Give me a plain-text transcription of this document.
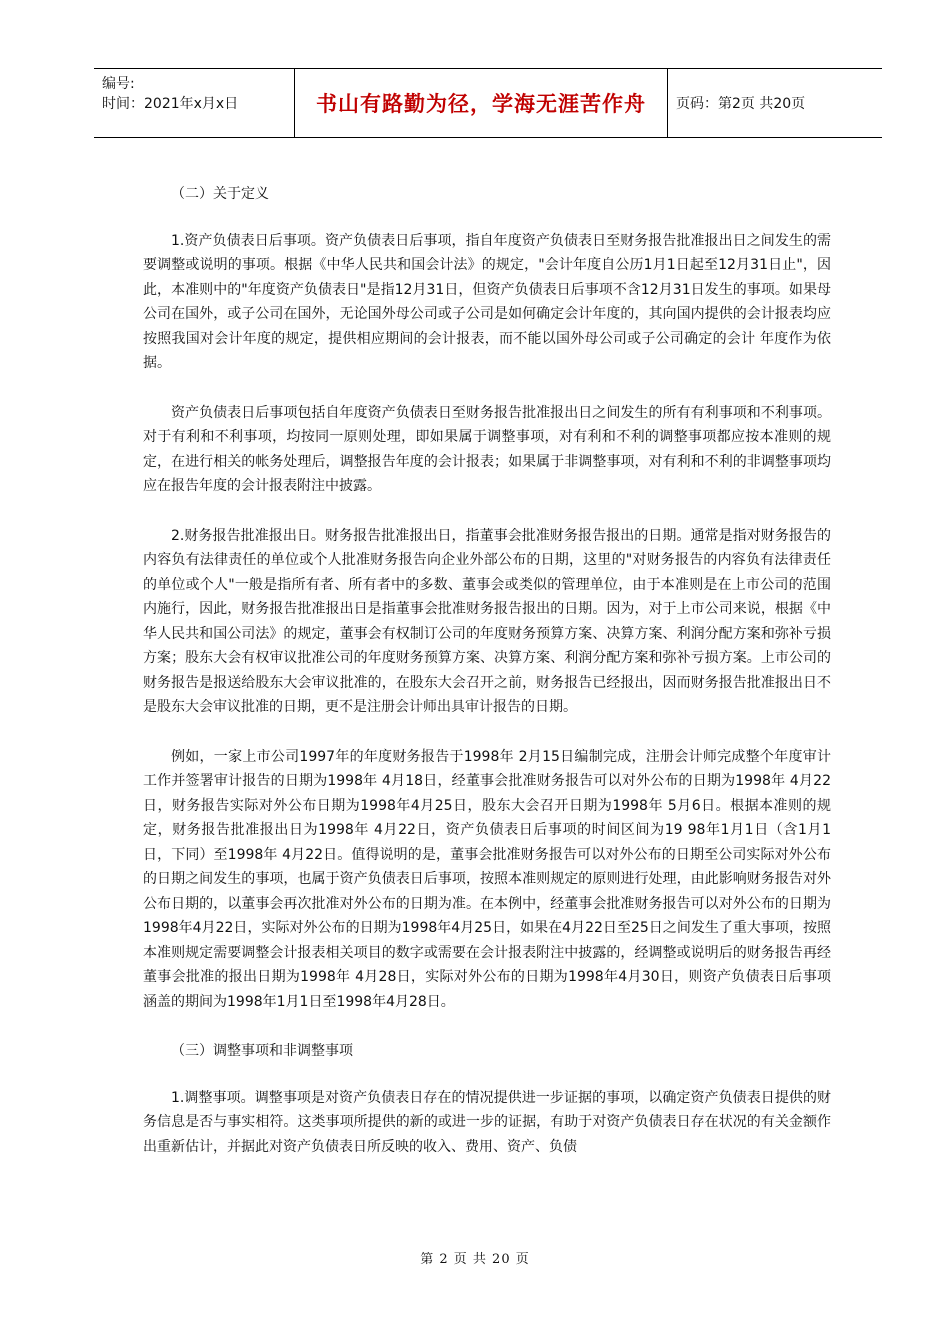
编号:
时间：2021年x月x日	书山有路勤为径，学海无涯苦作舟 页码：第2页 共20页

（二）关于定义

1.资产负债表日后事项。资产负债表日后事项，指自年度资产负债表日至财务报告批准报出日之间发生的需要调整或说明的事项。根据《中华人民共和国会计法》的规定，"会计年度自公历1月1日起至12月31日止"，因此，本准则中的"年度资产负债表日"是指12月31日，但资产负债表日后事项不含12月31日发生的事项。如果母公司在国外，或子公司在国外，无论国外母公司或子公司是如何确定会计年度的，其向国内提供的会计报表均应按照我国对会计年度的规定，提供相应期间的会计报表，而不能以国外母公司或子公司确定的会计 年度作为依据。

资产负债表日后事项包括自年度资产负债表日至财务报告批准报出日之间发生的所有有利事项和不利事项。对于有利和不利事项，均按同一原则处理，即如果属于调整事项，对有利和不利的调整事项都应按本准则的规定，在进行相关的帐务处理后，调整报告年度的会计报表；如果属于非调整事项，对有利和不利的非调整事项均应在报告年度的会计报表附注中披露。

2.财务报告批准报出日。财务报告批准报出日，指董事会批准财务报告报出的日期。通常是指对财务报告的内容负有法律责任的单位或个人批准财务报告向企业外部公布的日期，这里的"对财务报告的内容负有法律责任的单位或个人"一般是指所有者、所有者中的多数、董事会或类似的管理单位，由于本准则是在上市公司的范围内施行，因此，财务报告批准报出日是指董事会批准财务报告报出的日期。因为，对于上市公司来说，根据《中华人民共和国公司法》的规定，董事会有权制订公司的年度财务预算方案、决算方案、利润分配方案和弥补亏损方案；股东大会有权审议批准公司的年度财务预算方案、决算方案、利润分配方案和弥补亏损方案。上市公司的财务报告是报送给股东大会审议批准的，在股东大会召开之前，财务报告已经报出，因而财务报告批准报出日不是股东大会审议批准的日期，更不是注册会计师出具审计报告的日期。

例如，一家上市公司1997年的年度财务报告于1998年 2月15日编制完成，注册会计师完成整个年度审计工作并签署审计报告的日期为1998年 4月18日，经董事会批准财务报告可以对外公布的日期为1998年 4月22日，财务报告实际对外公布日期为1998年4月25日，股东大会召开日期为1998年 5月6日。根据本准则的规定，财务报告批准报出日为1998年 4月22日，资产负债表日后事项的时间区间为19 98年1月1日（含1月1日，下同）至1998年 4月22日。值得说明的是，董事会批准财务报告可以对外公布的日期至公司实际对外公布的日期之间发生的事项，也属于资产负债表日后事项，按照本准则规定的原则进行处理，由此影响财务报告对外公布日期的，以董事会再次批准对外公布的日期为准。在本例中，经董事会批准财务报告可以对外公布的日期为1998年4月22日，实际对外公布的日期为1998年4月25日，如果在4月22日至25日之间发生了重大事项，按照本准则规定需要调整会计报表相关项目的数字或需要在会计报表附注中披露的，经调整或说明后的财务报告再经董事会批准的报出日期为1998年 4月28日，实际对外公布的日期为1998年4月30日，则资产负债表日后事项涵盖的期间为1998年1月1日至1998年4月28日。

（三）调整事项和非调整事项

1.调整事项。调整事项是对资产负债表日存在的情况提供进一步证据的事项，以确定资产负债表日提供的财务信息是否与事实相符。这类事项所提供的新的或进一步的证据，有助于对资产负债表日存在状况的有关金额作出重新估计，并据此对资产负债表日所反映的收入、费用、资产、负债

第 2 页 共 20 页
